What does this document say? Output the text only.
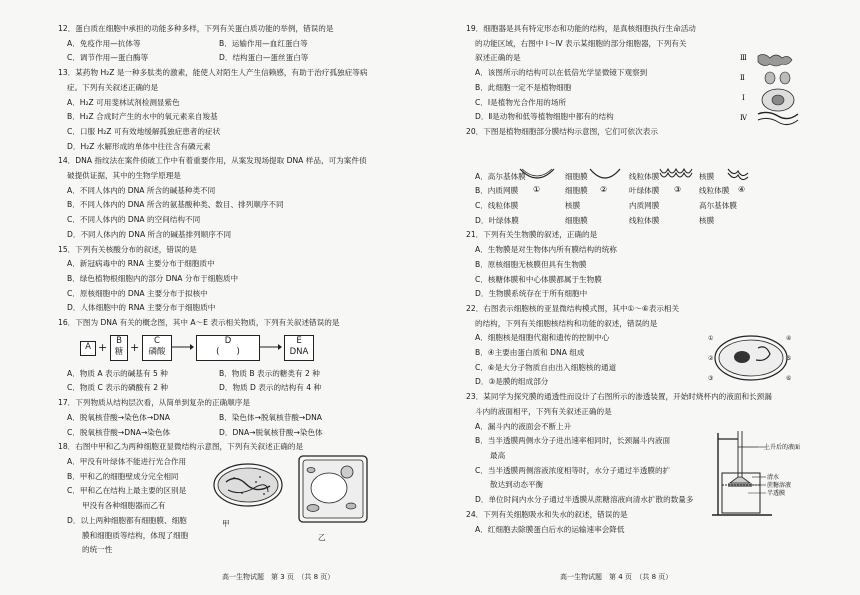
12．蛋白质在细胞中承担的功能多种多样，下列有关蛋白质功能的举例，错误的是

A．免疫作用—抗体等	B．运输作用—血红蛋白等
C．调节作用—蛋白酶等	D．结构蛋白—蛋丝蛋白等

13．某药物 H₂Z 是一种多肽类的激素，能使人对陌生人产生信赖感，有助于治疗孤独症等病

症。下列有关叙述正确的是

A．H₂Z 可用斐林试剂检测显紫色

B．H₂Z 合成时产生的水中的氧元素来自羧基

C．口服 H₂Z 可有效地缓解孤独症患者的症状

D．H₂Z 水解形成的单体中往往含有磷元素

14．DNA 指纹法在案件侦破工作中有着重要作用，从案发现场提取 DNA 样品，可为案件侦

破提供证据，其中的生物学原理是

A．不同人体内的 DNA 所含的碱基种类不同

B．不同人体内的 DNA 所含的氨基酸种类、数目、排列顺序不同

C．不同人体内的 DNA 的空间结构不同

D．不同人体内的 DNA 所含的碱基排列顺序不同

15．下列有关核酸分布的叙述，错误的是

A．新冠病毒中的 RNA 主要分布于细胞质中

B．绿色植物根细胞内的部分 DNA 分布于细胞质中

C．原核细胞中的 DNA 主要分布于拟核中

D．人体细胞中的 RNA 主要分布于细胞质中

16．下图为 DNA 有关的概念图，其中 A～E 表示相关物质，下列有关叙述错误的是

A +	B
糖 +	C
磷酸
D
(　　)
E
DNA
A．物质 A 表示的碱基有 5 种	B．物质 B 表示的糖类有 2 种
C．物质 C 表示的磷酸有 2 种	D．物质 D 表示的结构有 4 种

17．下列物质从结构层次看，从简单到复杂的正确顺序是

A．脱氧核苷酸→染色体→DNA	B．染色体→脱氧核苷酸→DNA
C．脱氧核苷酸→DNA→染色体	D．DNA→脱氧核苷酸→染色体

18．右图中甲和乙为两种细胞亚显微结构示意图，下列有关叙述正确的是

A．甲没有叶绿体不能进行光合作用

B．甲和乙的细胞壁成分完全相同

C．甲和乙在结构上最主要的区别是

甲没有各种细胞器而乙有

D．以上两种细胞都有细胞膜、细胞

膜和细胞质等结构，体现了细胞

的统一性

甲
乙
高一生物试题　第 3 页　（共 8 页）

19．细胞器是具有特定形态和功能的结构，是真核细胞执行生命活动

的功能区域，右图中 Ⅰ～Ⅳ 表示某细胞的部分细胞器，下列有关

叙述正确的是

A．该图所示的结构可以在低倍光学显微镜下观察到

B．此细胞一定不是植物细胞

C．Ⅰ是植物光合作用的场所

D．Ⅱ是动物和低等植物细胞中都有的结构

20．下图是植物细胞部分膜结构示意图，它们可依次表示

A．高尔基体膜	细胞膜	线粒体膜	核膜
B．内质网膜	细胞膜	叶绿体膜	线粒体膜
C．线粒体膜	核膜	内质网膜	高尔基体膜
D．叶绿体膜	细胞膜	线粒体膜	核膜

21．下列有关生物膜的叙述，正确的是

A．生物膜是对生物体内所有膜结构的统称

B．原核细胞无核膜但具有生物膜

C．核糖体膜和中心体膜都属于生物膜

D．生物膜系统存在于所有细胞中

22．右图表示细胞核的亚显微结构模式图，其中①～⑥表示相关

的结构，下列有关细胞核结构和功能的叙述，错误的是

A．细胞核是细胞代谢和遗传的控制中心

B．④主要由蛋白质和 DNA 组成

C．⑥是大分子物质自由出入细胞核的通道

D．③是膜的组成部分

23．某同学为探究膜的通透性而设计了右图所示的渗透装置，开始时烧杯内的液面和长颈漏

斗内的液面相平，下列有关叙述正确的是

A．漏斗内的液面会不断上升

B．当半透膜两侧水分子进出速率相同时，长颈漏斗内液面

最高

C．当半透膜两侧溶液浓度相等时，水分子通过半透膜的扩

散达到动态平衡

D．单位时间内水分子通过半透膜从蔗糖溶液向清水扩散的数量多

24．下列有关细胞吸水和失水的叙述，错误的是

A．红细胞去除膜蛋白后水的运输速率会降低

Ⅲ
Ⅱ
Ⅰ
Ⅳ
①	②	③	④
①
②
③
④
⑤
⑥
上升后的液面
清水
蔗糖溶液
半透膜
高一生物试题　第 4 页　（共 8 页）
